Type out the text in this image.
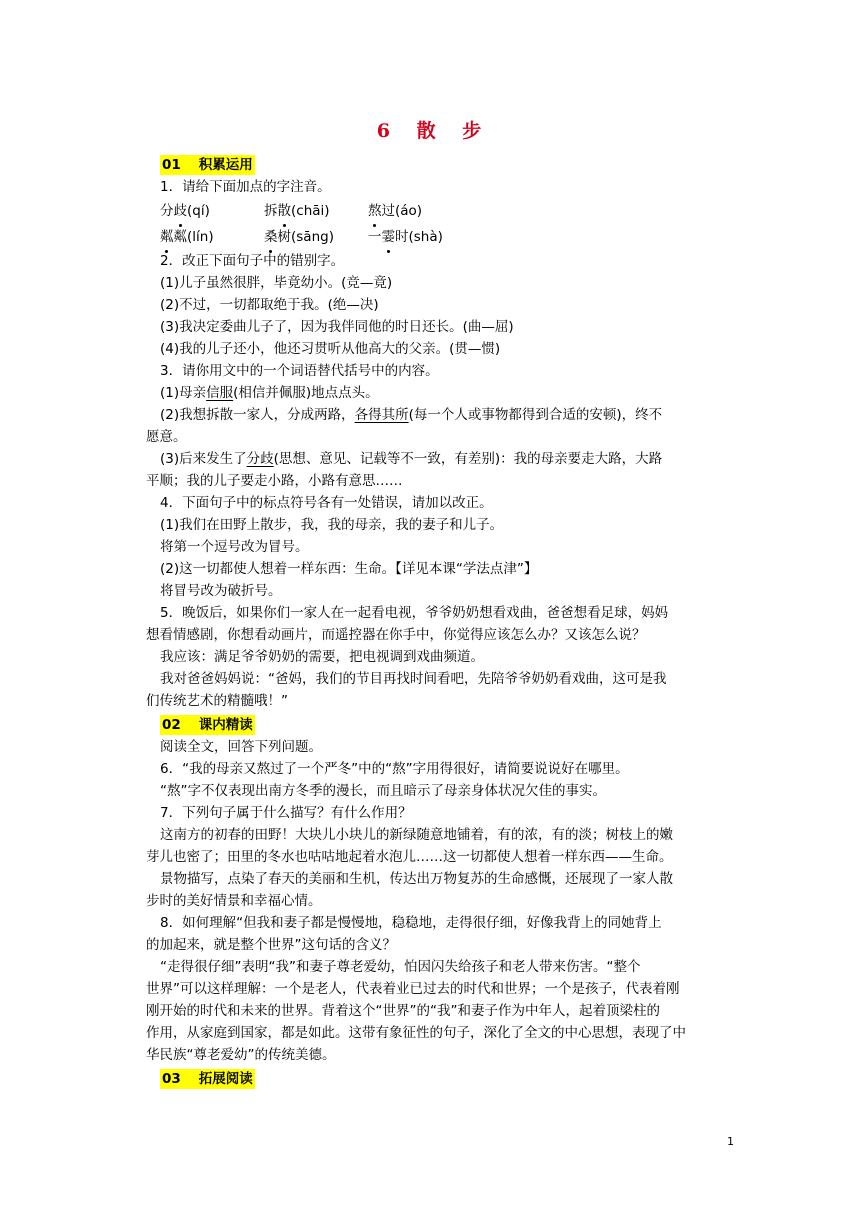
6 散 步
01 积累运用
1．请给下面加点的字注音。
分歧(qí)	拆散(chāi)	熬过(áo)
粼粼(lín)	桑树(sāng)	一霎时(shà)
2．改正下面句子中的错别字。
(1)儿子虽然很胖，毕竟幼小。(竞—竟)
(2)不过，一切都取绝于我。(绝—决)
(3)我决定委曲儿子了，因为我伴同他的时日还长。(曲—屈)
(4)我的儿子还小，他还习贯听从他高大的父亲。(贯—惯)
3．请你用文中的一个词语替代括号中的内容。
(1)母亲信服(相信并佩服)地点点头。
(2)我想拆散一家人，分成两路，各得其所(每一个人或事物都得到合适的安顿)，终不
愿意。
(3)后来发生了分歧(思想、意见、记载等不一致，有差别)：我的母亲要走大路，大路
平顺；我的儿子要走小路，小路有意思……
4．下面句子中的标点符号各有一处错误，请加以改正。
(1)我们在田野上散步，我，我的母亲，我的妻子和儿子。
将第一个逗号改为冒号。
(2)这一切都使人想着一样东西：生命。【详见本课“学法点津”】
将冒号改为破折号。
5．晚饭后，如果你们一家人在一起看电视，爷爷奶奶想看戏曲，爸爸想看足球，妈妈
想看情感剧，你想看动画片，而遥控器在你手中，你觉得应该怎么办？又该怎么说？
我应该：满足爷爷奶奶的需要，把电视调到戏曲频道。
我对爸爸妈妈说：“爸妈，我们的节目再找时间看吧，先陪爷爷奶奶看戏曲，这可是我
们传统艺术的精髓哦！”
02 课内精读
阅读全文，回答下列问题。
6．“我的母亲又熬过了一个严冬”中的“熬”字用得很好，请简要说说好在哪里。
“熬”字不仅表现出南方冬季的漫长，而且暗示了母亲身体状况欠佳的事实。
7．下列句子属于什么描写？有什么作用？
这南方的初春的田野！大块儿小块儿的新绿随意地铺着，有的浓，有的淡；树枝上的嫩
芽儿也密了；田里的冬水也咕咕地起着水泡儿……这一切都使人想着一样东西——生命。
景物描写，点染了春天的美丽和生机，传达出万物复苏的生命感慨，还展现了一家人散
步时的美好情景和幸福心情。
8．如何理解“但我和妻子都是慢慢地，稳稳地，走得很仔细，好像我背上的同她背上
的加起来，就是整个世界”这句话的含义？
“走得很仔细”表明“我”和妻子尊老爱幼，怕因闪失给孩子和老人带来伤害。“整个
世界”可以这样理解：一个是老人，代表着业已过去的时代和世界；一个是孩子，代表着刚
刚开始的时代和未来的世界。背着这个“世界”的“我”和妻子作为中年人，起着顶梁柱的
作用，从家庭到国家，都是如此。这带有象征性的句子，深化了全文的中心思想，表现了中
华民族“尊老爱幼”的传统美德。
03 拓展阅读
1
